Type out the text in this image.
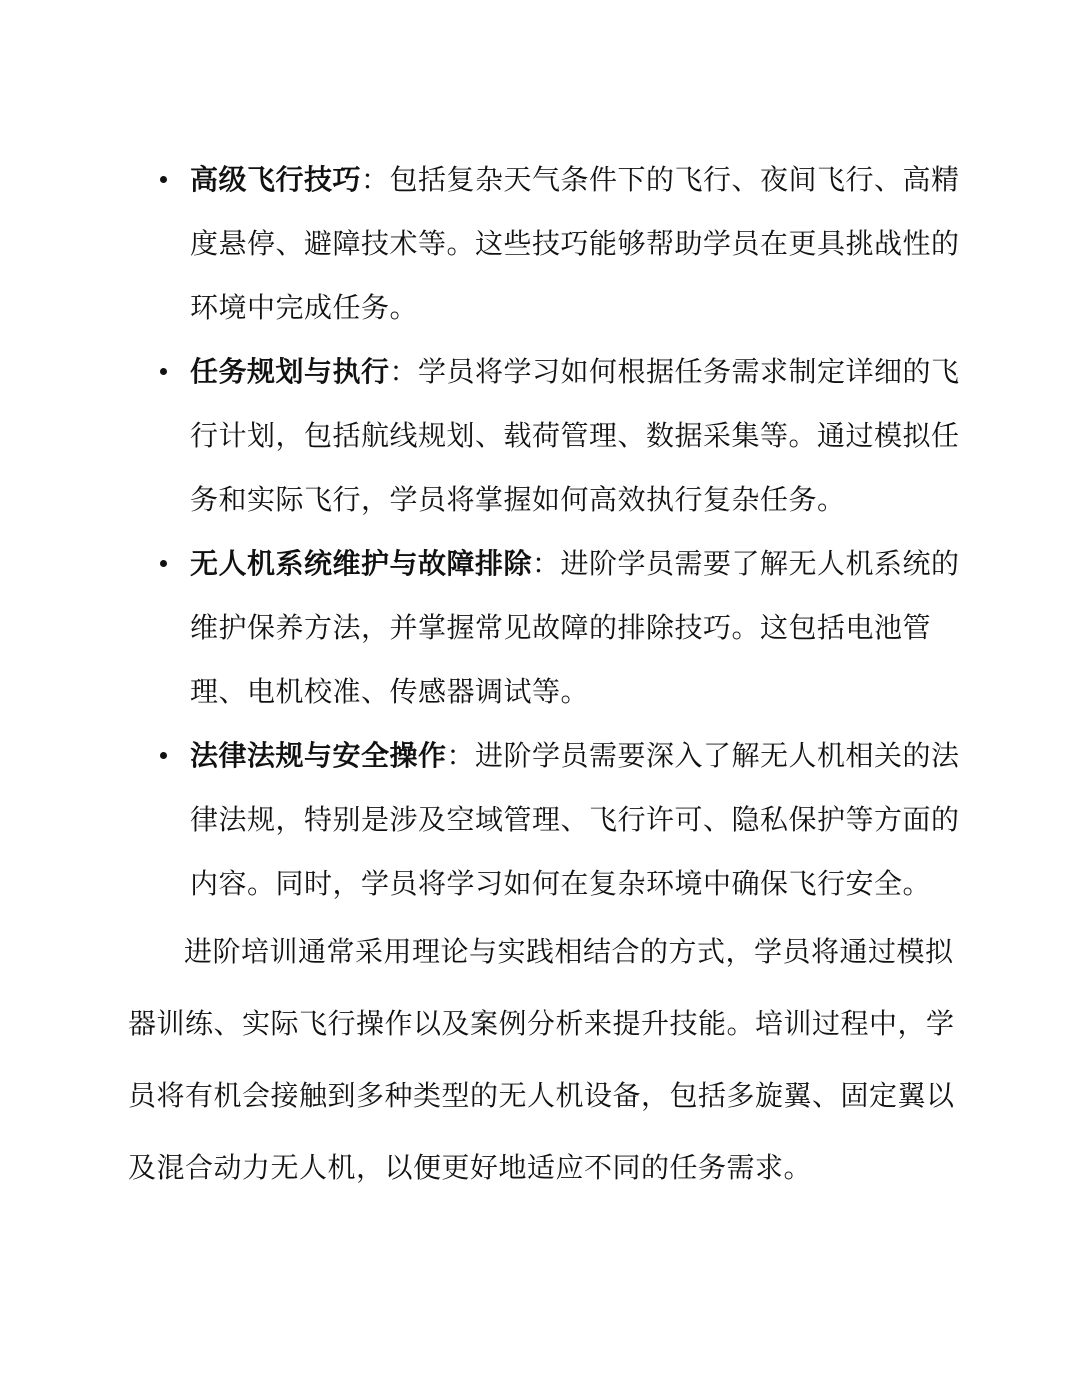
高级飞行技巧：包括复杂天气条件下的飞行、夜间飞行、高精度悬停、避障技术等。这些技巧能够帮助学员在更具挑战性的环境中完成任务。
任务规划与执行：学员将学习如何根据任务需求制定详细的飞行计划，包括航线规划、载荷管理、数据采集等。通过模拟任务和实际飞行，学员将掌握如何高效执行复杂任务。
无人机系统维护与故障排除：进阶学员需要了解无人机系统的维护保养方法，并掌握常见故障的排除技巧。这包括电池管理、电机校准、传感器调试等。
法律法规与安全操作：进阶学员需要深入了解无人机相关的法律法规，特别是涉及空域管理、飞行许可、隐私保护等方面的内容。同时，学员将学习如何在复杂环境中确保飞行安全。

进阶培训通常采用理论与实践相结合的方式，学员将通过模拟器训练、实际飞行操作以及案例分析来提升技能。培训过程中，学员将有机会接触到多种类型的无人机设备，包括多旋翼、固定翼以及混合动力无人机，以便更好地适应不同的任务需求。
